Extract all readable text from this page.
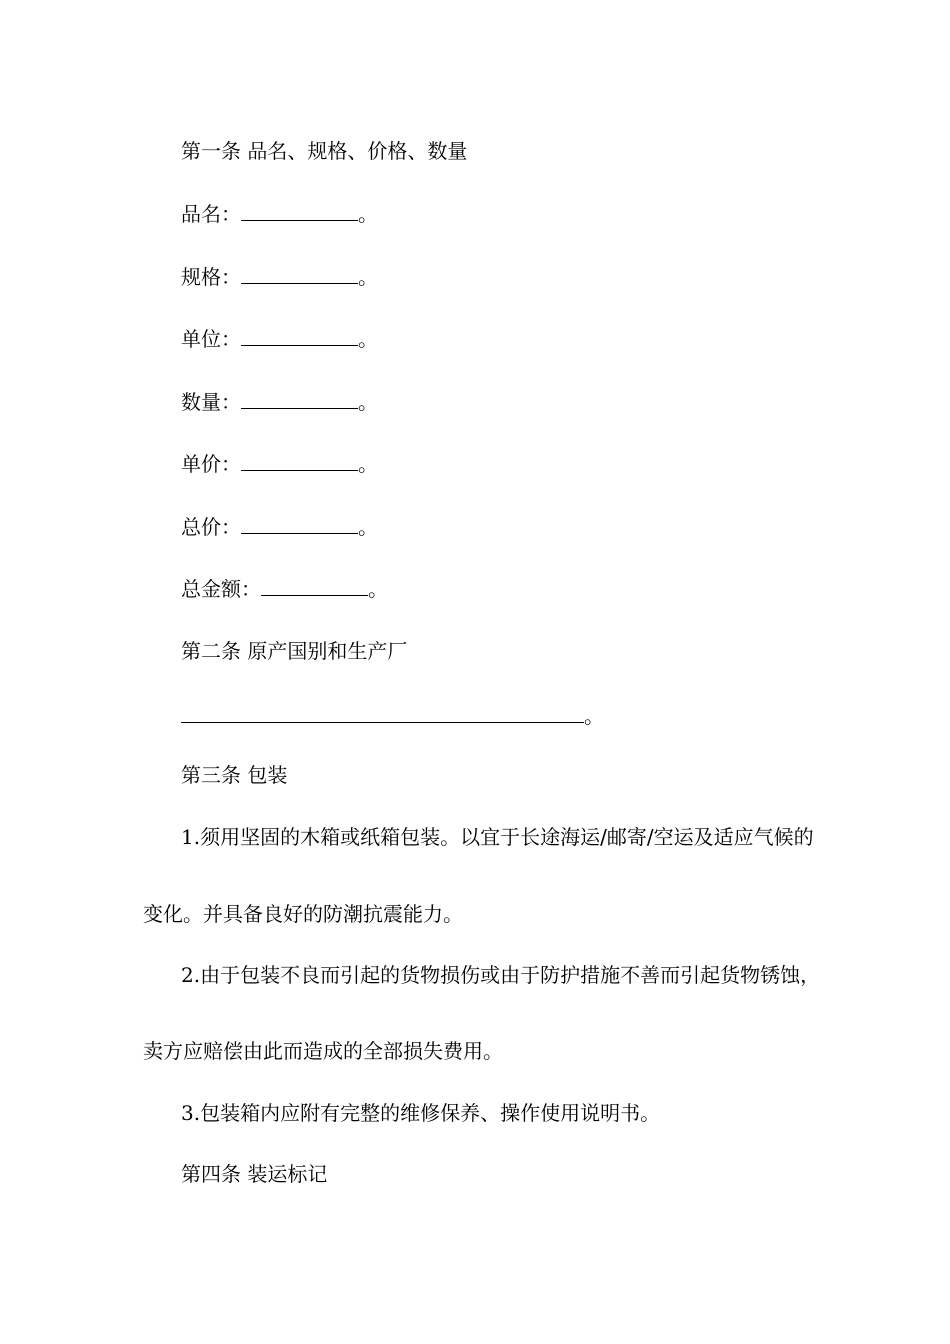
第一条 品名、规格、价格、数量
品名：	。
规格：	。
单位：	。
数量：	。
单价：	。
总价：	。
总金额：	。
第二条 原产国别和生产厂
。
第三条 包装
1.须用坚固的木箱或纸箱包装。以宜于长途海运/邮寄/空运及适应气候的
变化。并具备良好的防潮抗震能力。
2.由于包装不良而引起的货物损伤或由于防护措施不善而引起货物锈蚀，
卖方应赔偿由此而造成的全部损失费用。
3.包装箱内应附有完整的维修保养、操作使用说明书。
第四条 装运标记
